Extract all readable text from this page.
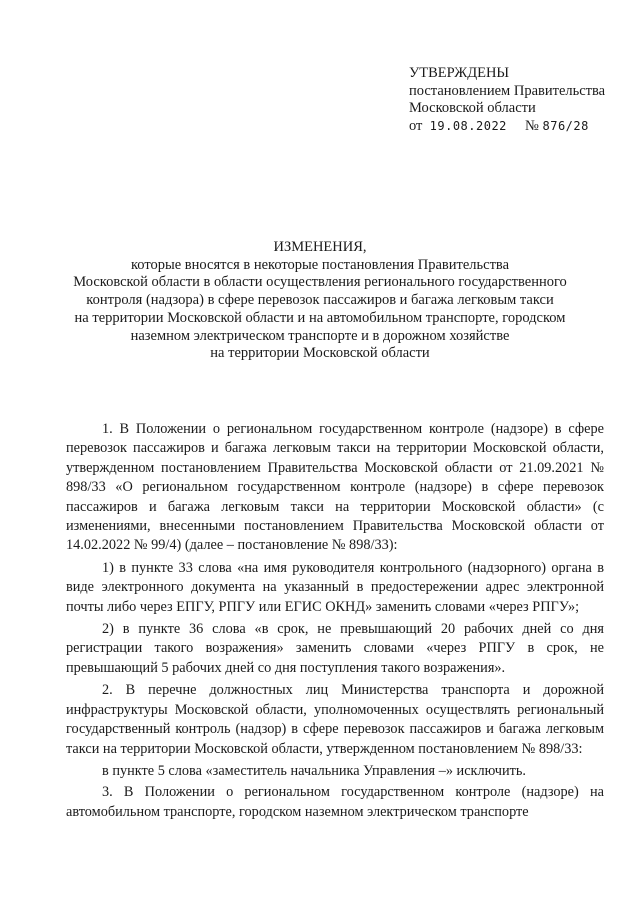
УТВЕРЖДЕНЫ
постановлением Правительства
Московской области
от 19.08.2022 № 876/28
ИЗМЕНЕНИЯ,
которые вносятся в некоторые постановления Правительства
Московской области в области осуществления регионального государственного
контроля (надзора) в сфере перевозок пассажиров и багажа легковым такси
на территории Московской области и на автомобильном транспорте, городском
наземном электрическом транспорте и в дорожном хозяйстве
на территории Московской области

1. В Положении о региональном государственном контроле (надзоре) в сфере перевозок пассажиров и багажа легковым такси на территории Московской области, утвержденном постановлением Правительства Московской области от 21.09.2021 № 898/33 «О региональном государственном контроле (надзоре) в сфере перевозок пассажиров и багажа легковым такси на территории Московской области» (с изменениями, внесенными постановлением Правительства Московской области от 14.02.2022 № 99/4) (далее – постановление № 898/33):

1) в пункте 33 слова «на имя руководителя контрольного (надзорного) органа в виде электронного документа на указанный в предостережении адрес электронной почты либо через ЕПГУ, РПГУ или ЕГИС ОКНД» заменить словами «через РПГУ»;

2) в пункте 36 слова «в срок, не превышающий 20 рабочих дней со дня регистрации такого возражения» заменить словами «через РПГУ в срок, не превышающий 5 рабочих дней со дня поступления такого возражения».

2. В перечне должностных лиц Министерства транспорта и дорожной инфраструктуры Московской области, уполномоченных осуществлять региональный государственный контроль (надзор) в сфере перевозок пассажиров и багажа легковым такси на территории Московской области, утвержденном постановлением № 898/33:

в пункте 5 слова «заместитель начальника Управления –» исключить.

3. В Положении о региональном государственном контроле (надзоре) на автомобильном транспорте, городском наземном электрическом транспорте
